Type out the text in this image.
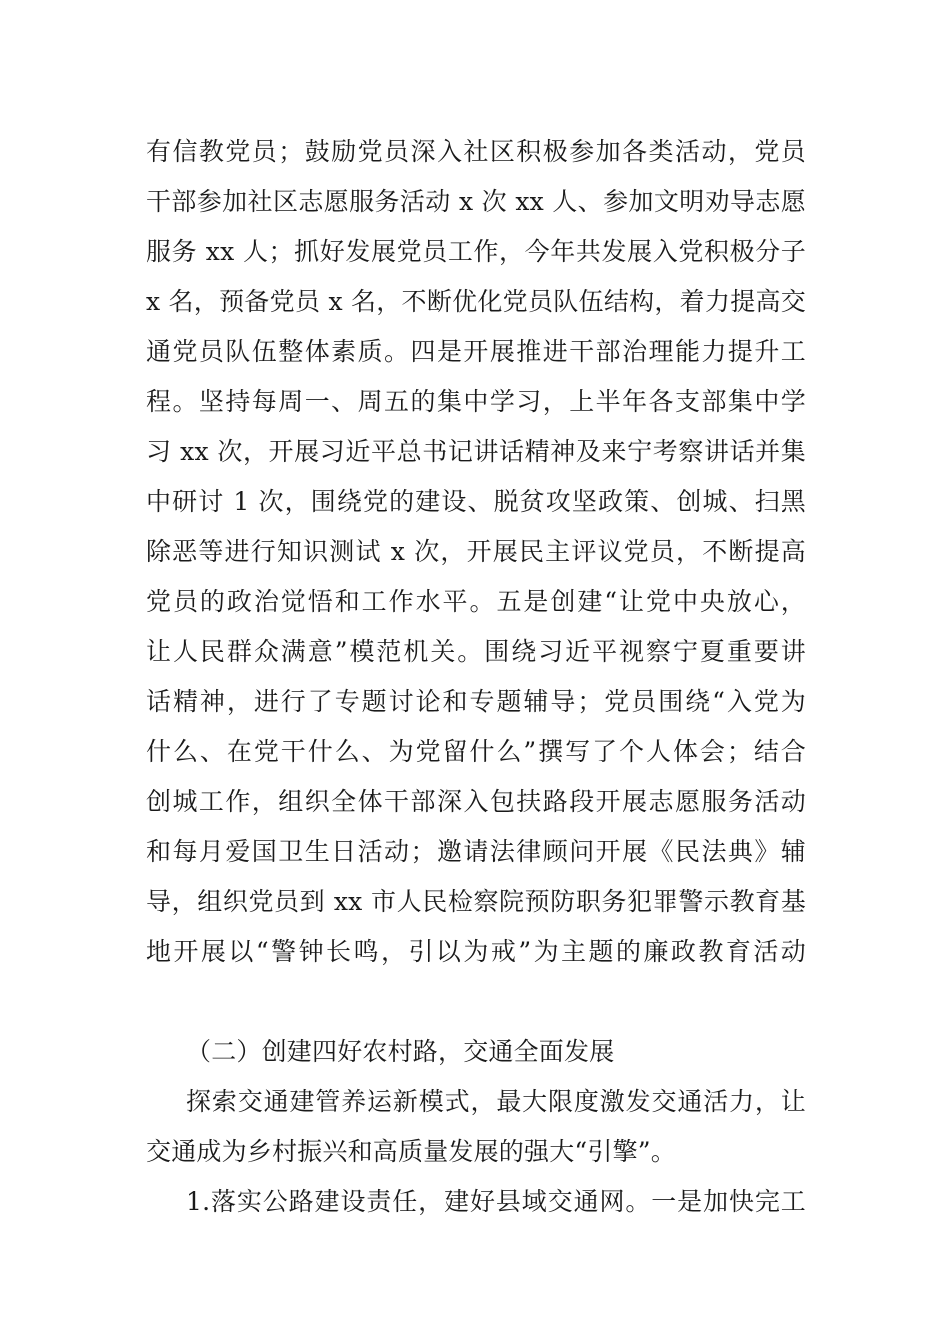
有信教党员；鼓励党员深入社区积极参加各类活动，党员
干部参加社区志愿服务活动 x 次 xx 人、参加文明劝导志愿
服务 xx 人；抓好发展党员工作，今年共发展入党积极分子
x 名，预备党员 x 名，不断优化党员队伍结构，着力提高交
通党员队伍整体素质。四是开展推进干部治理能力提升工
程。坚持每周一、周五的集中学习，上半年各支部集中学
习 xx 次，开展习近平总书记讲话精神及来宁考察讲话并集
中研讨 1 次，围绕党的建设、脱贫攻坚政策、创城、扫黑
除恶等进行知识测试 x 次，开展民主评议党员，不断提高
党员的政治觉悟和工作水平。五是创建“让党中央放心，
让人民群众满意”模范机关。围绕习近平视察宁夏重要讲
话精神，进行了专题讨论和专题辅导；党员围绕“入党为
什么、在党干什么、为党留什么”撰写了个人体会；结合
创城工作，组织全体干部深入包扶路段开展志愿服务活动
和每月爱国卫生日活动；邀请法律顾问开展《民法典》辅
导，组织党员到 xx 市人民检察院预防职务犯罪警示教育基
地开展以“警钟长鸣，引以为戒”为主题的廉政教育活动
（二）创建四好农村路，交通全面发展
探索交通建管养运新模式，最大限度激发交通活力，让
交通成为乡村振兴和高质量发展的强大“引擎”。
1.落实公路建设责任，建好县域交通网。一是加快完工
